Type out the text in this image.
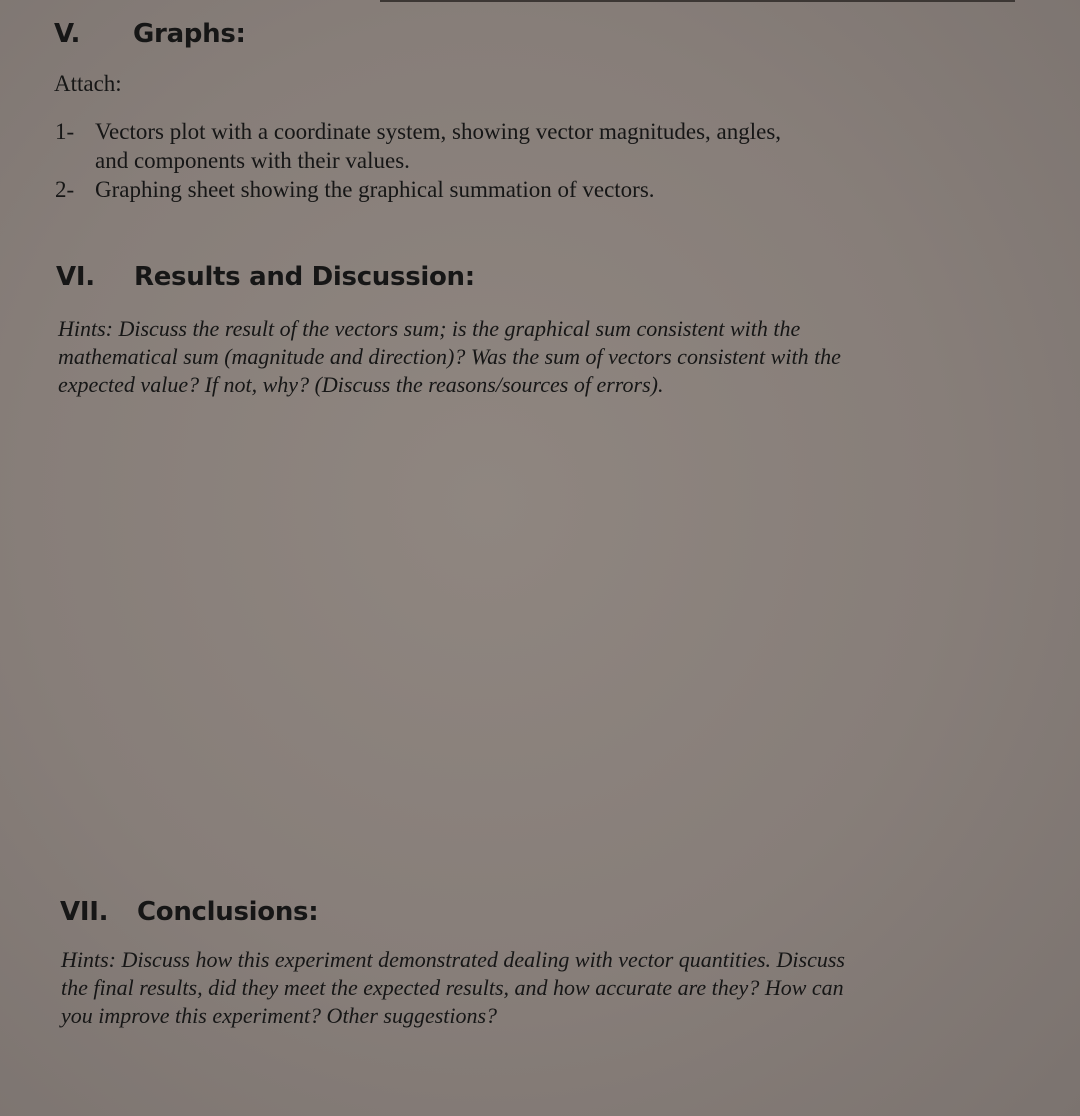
V. Graphs:

Attach:

1- Vectors plot with a coordinate system, showing vector magnitudes, angles,
and components with their values.
2- Graphing sheet showing the graphical summation of vectors.
VI. Results and Discussion:
Hints: Discuss the result of the vectors sum; is the graphical sum consistent with the
mathematical sum (magnitude and direction)? Was the sum of vectors consistent with the
expected value? If not, why? (Discuss the reasons/sources of errors).
VII. Conclusions:
Hints: Discuss how this experiment demonstrated dealing with vector quantities. Discuss
the final results, did they meet the expected results, and how accurate are they? How can
you improve this experiment? Other suggestions?
